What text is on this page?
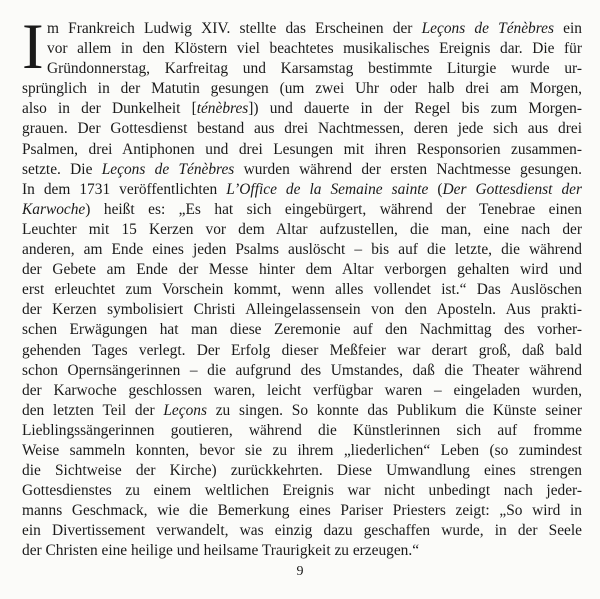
I m Frankreich Ludwig XIV. stellte das Erscheinen der Leçons de Ténèbres ein
vor allem in den Klöstern viel beachtetes musikalisches Ereignis dar. Die für
Gründonnerstag, Karfreitag und Karsamstag bestimmte Liturgie wurde ur-
sprünglich in der Matutin gesungen (um zwei Uhr oder halb drei am Morgen,
also in der Dunkelheit [ténèbres]) und dauerte in der Regel bis zum Morgen-
grauen. Der Gottesdienst bestand aus drei Nachtmessen, deren jede sich aus drei
Psalmen, drei Antiphonen und drei Lesungen mit ihren Responsorien zusammen-
setzte. Die Leçons de Ténèbres wurden während der ersten Nachtmesse gesungen.
In dem 1731 veröffentlichten L’Office de la Semaine sainte (Der Gottesdienst der
Karwoche) heißt es: „Es hat sich eingebürgert, während der Tenebrae einen
Leuchter mit 15 Kerzen vor dem Altar aufzustellen, die man, eine nach der
anderen, am Ende eines jeden Psalms auslöscht – bis auf die letzte, die während
der Gebete am Ende der Messe hinter dem Altar verborgen gehalten wird und
erst erleuchtet zum Vorschein kommt, wenn alles vollendet ist.“ Das Auslöschen
der Kerzen symbolisiert Christi Alleingelassensein von den Aposteln. Aus prakti-
schen Erwägungen hat man diese Zeremonie auf den Nachmittag des vorher-
gehenden Tages verlegt. Der Erfolg dieser Meßfeier war derart groß, daß bald
schon Opernsängerinnen – die aufgrund des Umstandes, daß die Theater während
der Karwoche geschlossen waren, leicht verfügbar waren – eingeladen wurden,
den letzten Teil der Leçons zu singen. So konnte das Publikum die Künste seiner
Lieblingssängerinnen goutieren, während die Künstlerinnen sich auf fromme
Weise sammeln konnten, bevor sie zu ihrem „liederlichen“ Leben (so zumindest
die Sichtweise der Kirche) zurückkehrten. Diese Umwandlung eines strengen
Gottesdienstes zu einem weltlichen Ereignis war nicht unbedingt nach jeder-
manns Geschmack, wie die Bemerkung eines Pariser Priesters zeigt: „So wird in
ein Divertissement verwandelt, was einzig dazu geschaffen wurde, in der Seele
der Christen eine heilige und heilsame Traurigkeit zu erzeugen.“
9
